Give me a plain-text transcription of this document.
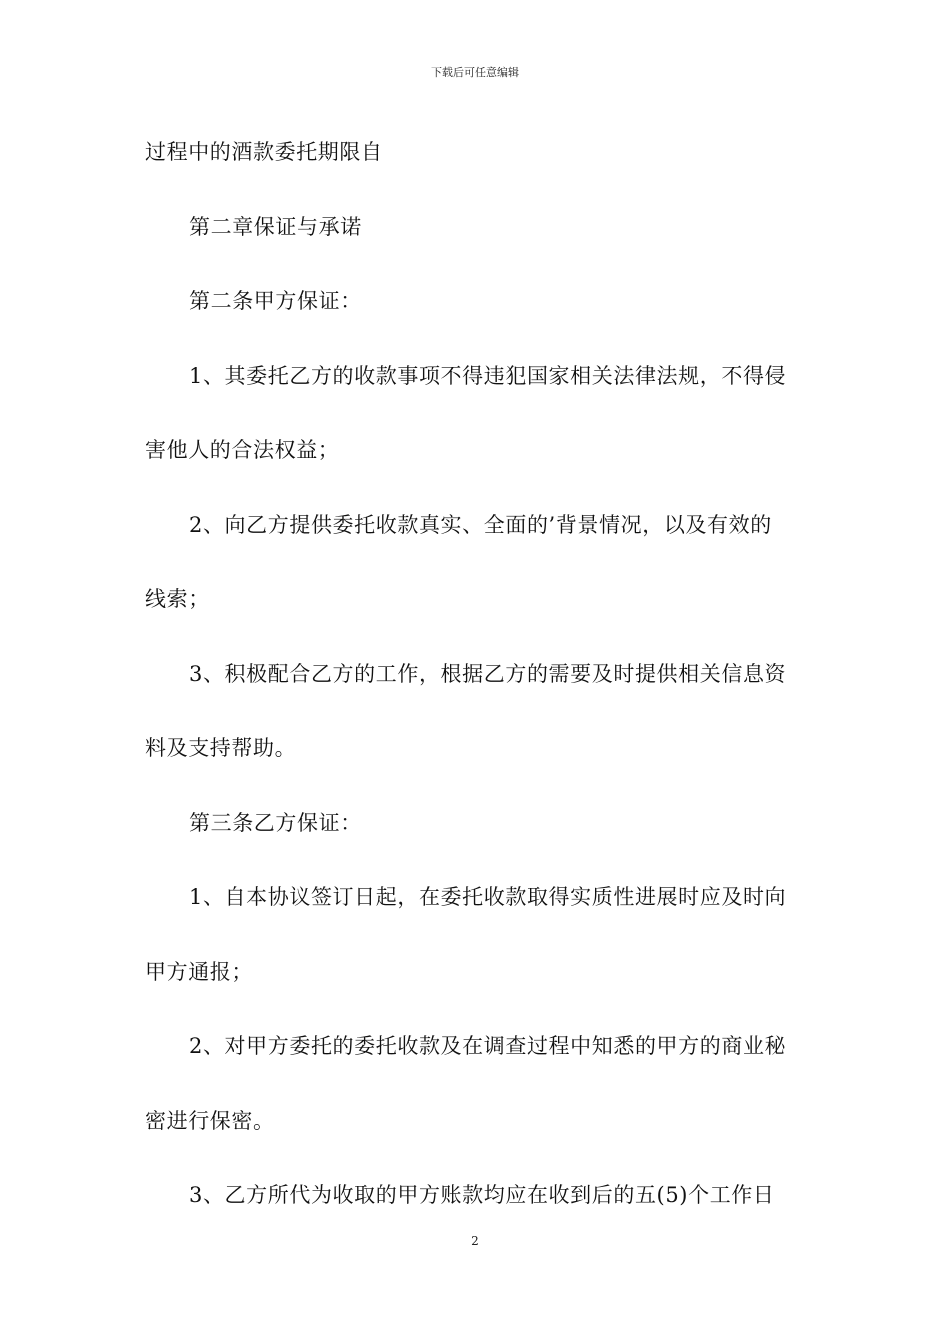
下载后可任意编辑
过程中的酒款委托期限自
第二章保证与承诺
第二条甲方保证：
1、其委托乙方的收款事项不得违犯国家相关法律法规，不得侵
害他人的合法权益；
2、向乙方提供委托收款真实、全面的’背景情况，以及有效的
线索；
3、积极配合乙方的工作，根据乙方的需要及时提供相关信息资
料及支持帮助。
第三条乙方保证：
1、自本协议签订日起，在委托收款取得实质性进展时应及时向
甲方通报；
2、对甲方委托的委托收款及在调查过程中知悉的甲方的商业秘
密进行保密。
3、乙方所代为收取的甲方账款均应在收到后的五(5)个工作日
2
